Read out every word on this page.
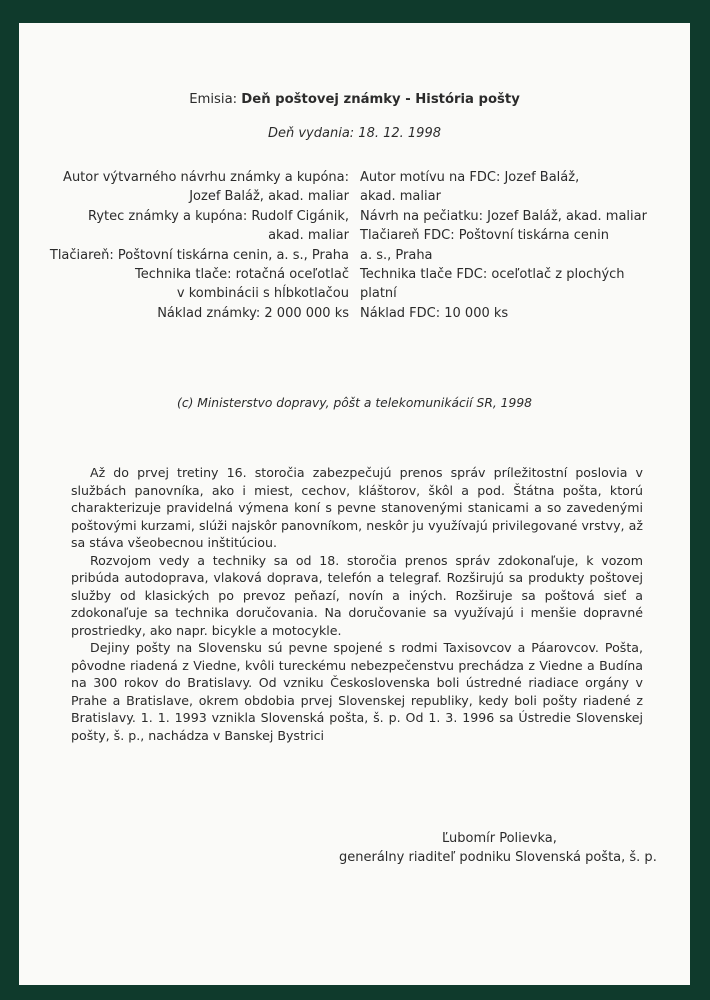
Emisia: Deň poštovej známky - História pošty

Deň vydania: 18. 12. 1998

Autor výtvarného návrhu známky a kupóna:
Jozef Baláž, akad. maliar
Rytec známky a kupóna: Rudolf Cigánik,
akad. maliar
Tlačiareň: Poštovní tiskárna cenin, a. s., Praha
Technika tlače: rotačná oceľotlač
v kombinácii s hĺbkotlačou
Náklad známky: 2 000 000 ks
Autor motívu na FDC: Jozef Baláž,
akad. maliar
Návrh na pečiatku: Jozef Baláž, akad. maliar
Tlačiareň FDC: Poštovní tiskárna cenin
a. s., Praha
Technika tlače FDC: oceľotlač z plochých
platní
Náklad FDC: 10 000 ks

(c) Ministerstvo dopravy, pôšt a telekomunikácií SR, 1998

Až do prvej tretiny 16. storočia zabezpečujú prenos správ príležitostní poslovia v službách panovníka, ako i miest, cechov, kláštorov, škôl a pod. Štátna pošta, ktorú charakterizuje pravidelná výmena koní s pevne stanovenými stanicami a so zavedenými poštovými kurzami, slúži najskôr panovníkom, neskôr ju využívajú privilegované vrstvy, až sa stáva všeobecnou inštitúciou.

Rozvojom vedy a techniky sa od 18. storočia prenos správ zdokonaľuje, k vozom pribúda autodoprava, vlaková doprava, telefón a telegraf. Rozširujú sa produkty poštovej služby od klasických po prevoz peňazí, novín a iných. Rozširuje sa poštová sieť a zdokonaľuje sa technika doručovania. Na doručovanie sa využívajú i menšie dopravné prostriedky, ako napr. bicykle a motocykle.

Dejiny pošty na Slovensku sú pevne spojené s rodmi Taxisovcov a Páarovcov. Pošta, pôvodne riadená z Viedne, kvôli tureckému nebezpečenstvu prechádza z Viedne a Budína na 300 rokov do Bratislavy. Od vzniku Československa boli ústredné riadiace orgány v Prahe a Bratislave, okrem obdobia prvej Slovenskej republiky, kedy boli pošty riadené z Bratislavy. 1. 1. 1993 vznikla Slovenská pošta, š. p. Od 1. 3. 1996 sa Ústredie Slovenskej pošty, š. p., nachádza v Banskej Bystrici

Ľubomír Polievka,

generálny riaditeľ podniku Slovenská pošta, š. p.
